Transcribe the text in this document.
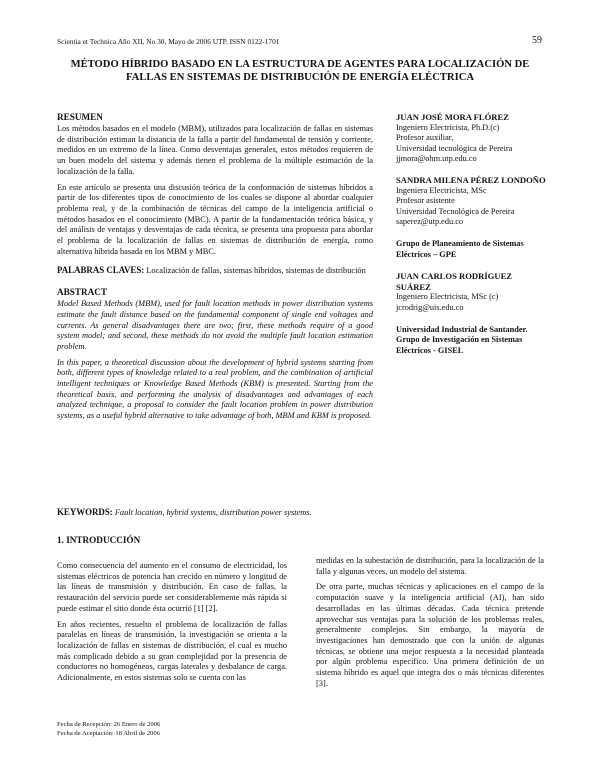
Scientia et Technica Año XII, No 30, Mayo de 2006 UTP. ISSN 0122-1701	59
MÉTODO HÍBRIDO BASADO EN LA ESTRUCTURA DE AGENTES PARA LOCALIZACIÓN DE FALLAS EN SISTEMAS DE DISTRIBUCIÓN DE ENERGÍA ELÉCTRICA
RESUMEN

Los métodos basados en el modelo (MBM), utilizados para localización de fallas en sistemas de distribución estiman la distancia de la falla a partir del fundamental de tensión y corriente, medidos en un extremo de la línea. Como desventajas generales, estos métodos requieren de un buen modelo del sistema y además tienen el problema de la múltiple estimación de la localización de la falla.

En este artículo se presenta una discusión teórica de la conformación de sistemas híbridos a partir de los diferentes tipos de conocimiento de los cuales se dispone al abordar cualquier problema real, y de la combinación de técnicas del campo de la inteligencia artificial o métodos basados en el conocimiento (MBC). A partir de la fundamentación teórica básica, y del análisis de ventajas y desventajas de cada técnica, se presenta una propuesta para abordar el problema de la localización de fallas en sistemas de distribución de energía, como alternativa híbrida basada en los MBM y MBC.

PALABRAS CLAVES: Localización de fallas, sistemas híbridos, sistemas de distribución
ABSTRACT

Model Based Methods (MBM), used for fault location methods in power distribution systems estimate the fault distance based on the fundamental component of single end voltages and currents. As general disadvantages there are two; first, these methods require of a good system model; and second, these methods do not avoid the multiple fault location estimation problem.

In this paper, a theoretical discussion about the development of hybrid systems starting from both, different types of knowledge related to a real problem, and the combination of artificial intelligent techniques or Knowledge Based Methods (KBM) is presented. Starting from the theoretical basis, and performing the analysis of disadvantages and advantages of each analyzed technique, a proposal to consider the fault location problem in power distribution systems, as a useful hybrid alternative to take advantage of both, MBM and KBM is proposed.

KEYWORDS: Fault location, hybrid systems, distribution power systems.

JUAN JOSÉ MORA FLÓREZ

Ingeniero Electricista, Ph.D.(c)

Profesor auxiliar,

Universidad tecnológica de Pereira

jjmora@ohm.utp.edu.co

SANDRA MILENA PÉREZ LONDOÑO

Ingeniera Electricista, MSc

Profesor asistente

Universidad Tecnológica de Pereira

saperez@utp.edu.co

Grupo de Planeamiento de Sistemas Eléctricos – GPE

JUAN CARLOS RODRÍGUEZ SUÁREZ

Ingeniero Electricista, MSc (c)

jcrodrig@uis.edu.co

Universidad Industrial de Santander. Grupo de Investigación en Sistemas Eléctricos - GISEL

1. INTRODUCCIÓN

Como consecuencia del aumento en el consumo de electricidad, los sistemas eléctricos de potencia han crecido en número y longitud de las líneas de transmisión y distribución. En caso de fallas, la restauración del servicio puede ser considerablemente más rápida si puede estimar el sitio donde ésta ocurrió [1] [2].

En años recientes, resuelto el problema de localización de fallas paralelas en líneas de transmisión, la investigación se orienta a la localización de fallas en sistemas de distribución, el cual es mucho más complicado debido a su gran complejidad por la presencia de conductores no homogéneos, cargas laterales y desbalance de carga. Adicionalmente, en estos sistemas solo se cuenta con las

medidas en la subestación de distribución, para la localización de la falla y algunas veces, un modelo del sistema.

De otra parte, muchas técnicas y aplicaciones en el campo de la computación suave y la inteligencia artificial (AI), han sido desarrolladas en las últimas décadas. Cada técnica pretende aprovechar sus ventajas para la solución de los problemas reales, generalmente complejos. Sin embargo, la mayoría de investigaciones han demostrado que con la unión de algunas técnicas, se obtiene una mejor respuesta a la necesidad planteada por algún problema específico. Una primera definición de un sistema híbrido es aquel que integra dos o más técnicas diferentes [3].

Fecha de Recepción: 26 Enero de 2006
Fecha de Aceptación: 18 Abril de 2006
